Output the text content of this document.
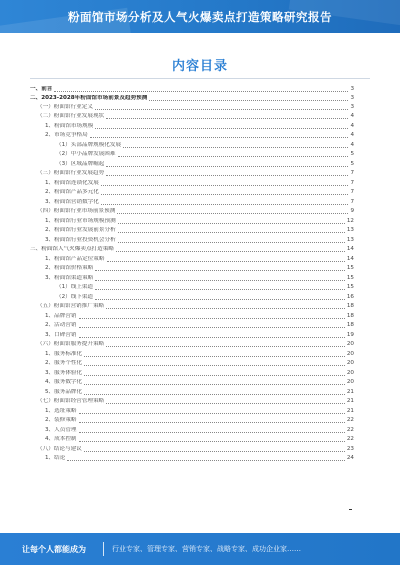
粉面馆市场分析及人气火爆卖点打造策略研究报告
内容目录
一、前言	3
二、2023-2028年粉面馆市场前景及趋势预测	3
（一）粉面馆行业定义	3
（二）粉面馆行业发展现状	4
1、粉面馆市场规模	4
2、市场竞争格局	4
（1）头部品牌规模化发展	4
（2）中小品牌发展困难	5
（3）区域品牌崛起	5
（三）粉面馆行业发展趋势	7
1、粉面馆连锁化发展	7
2、粉面馆产品多元化	7
3、粉面馆营销数字化	7
（四）粉面馆行业市场前景预测	9
1、粉面馆行业市场规模预测	12
2、粉面馆行业发展前景分析	13
3、粉面馆行业投资机会分析	13
三、粉面馆人气火爆卖点打造策略	14
1、粉面馆产品定位策略	14
2、粉面馆价格策略	15
3、粉面馆渠道策略	15
（1）线上渠道	15
（2）线下渠道	16
（五）粉面馆营销推广策略	18
1、品牌营销	18
2、活动营销	18
3、口碑营销	19
（六）粉面馆服务提升策略	20
1、服务标准化	20
2、服务个性化	20
3、服务体验化	20
4、服务数字化	20
5、服务品牌化	21
（七）粉面馆经营管理策略	21
1、选址策略	21
2、装修策略	22
3、人员管理	22
4、成本控制	22
（八）结论与建议	23
1、结论	24
让每个人都能成为	行业专家、管理专家、营销专家、战略专家、成功企业家……
